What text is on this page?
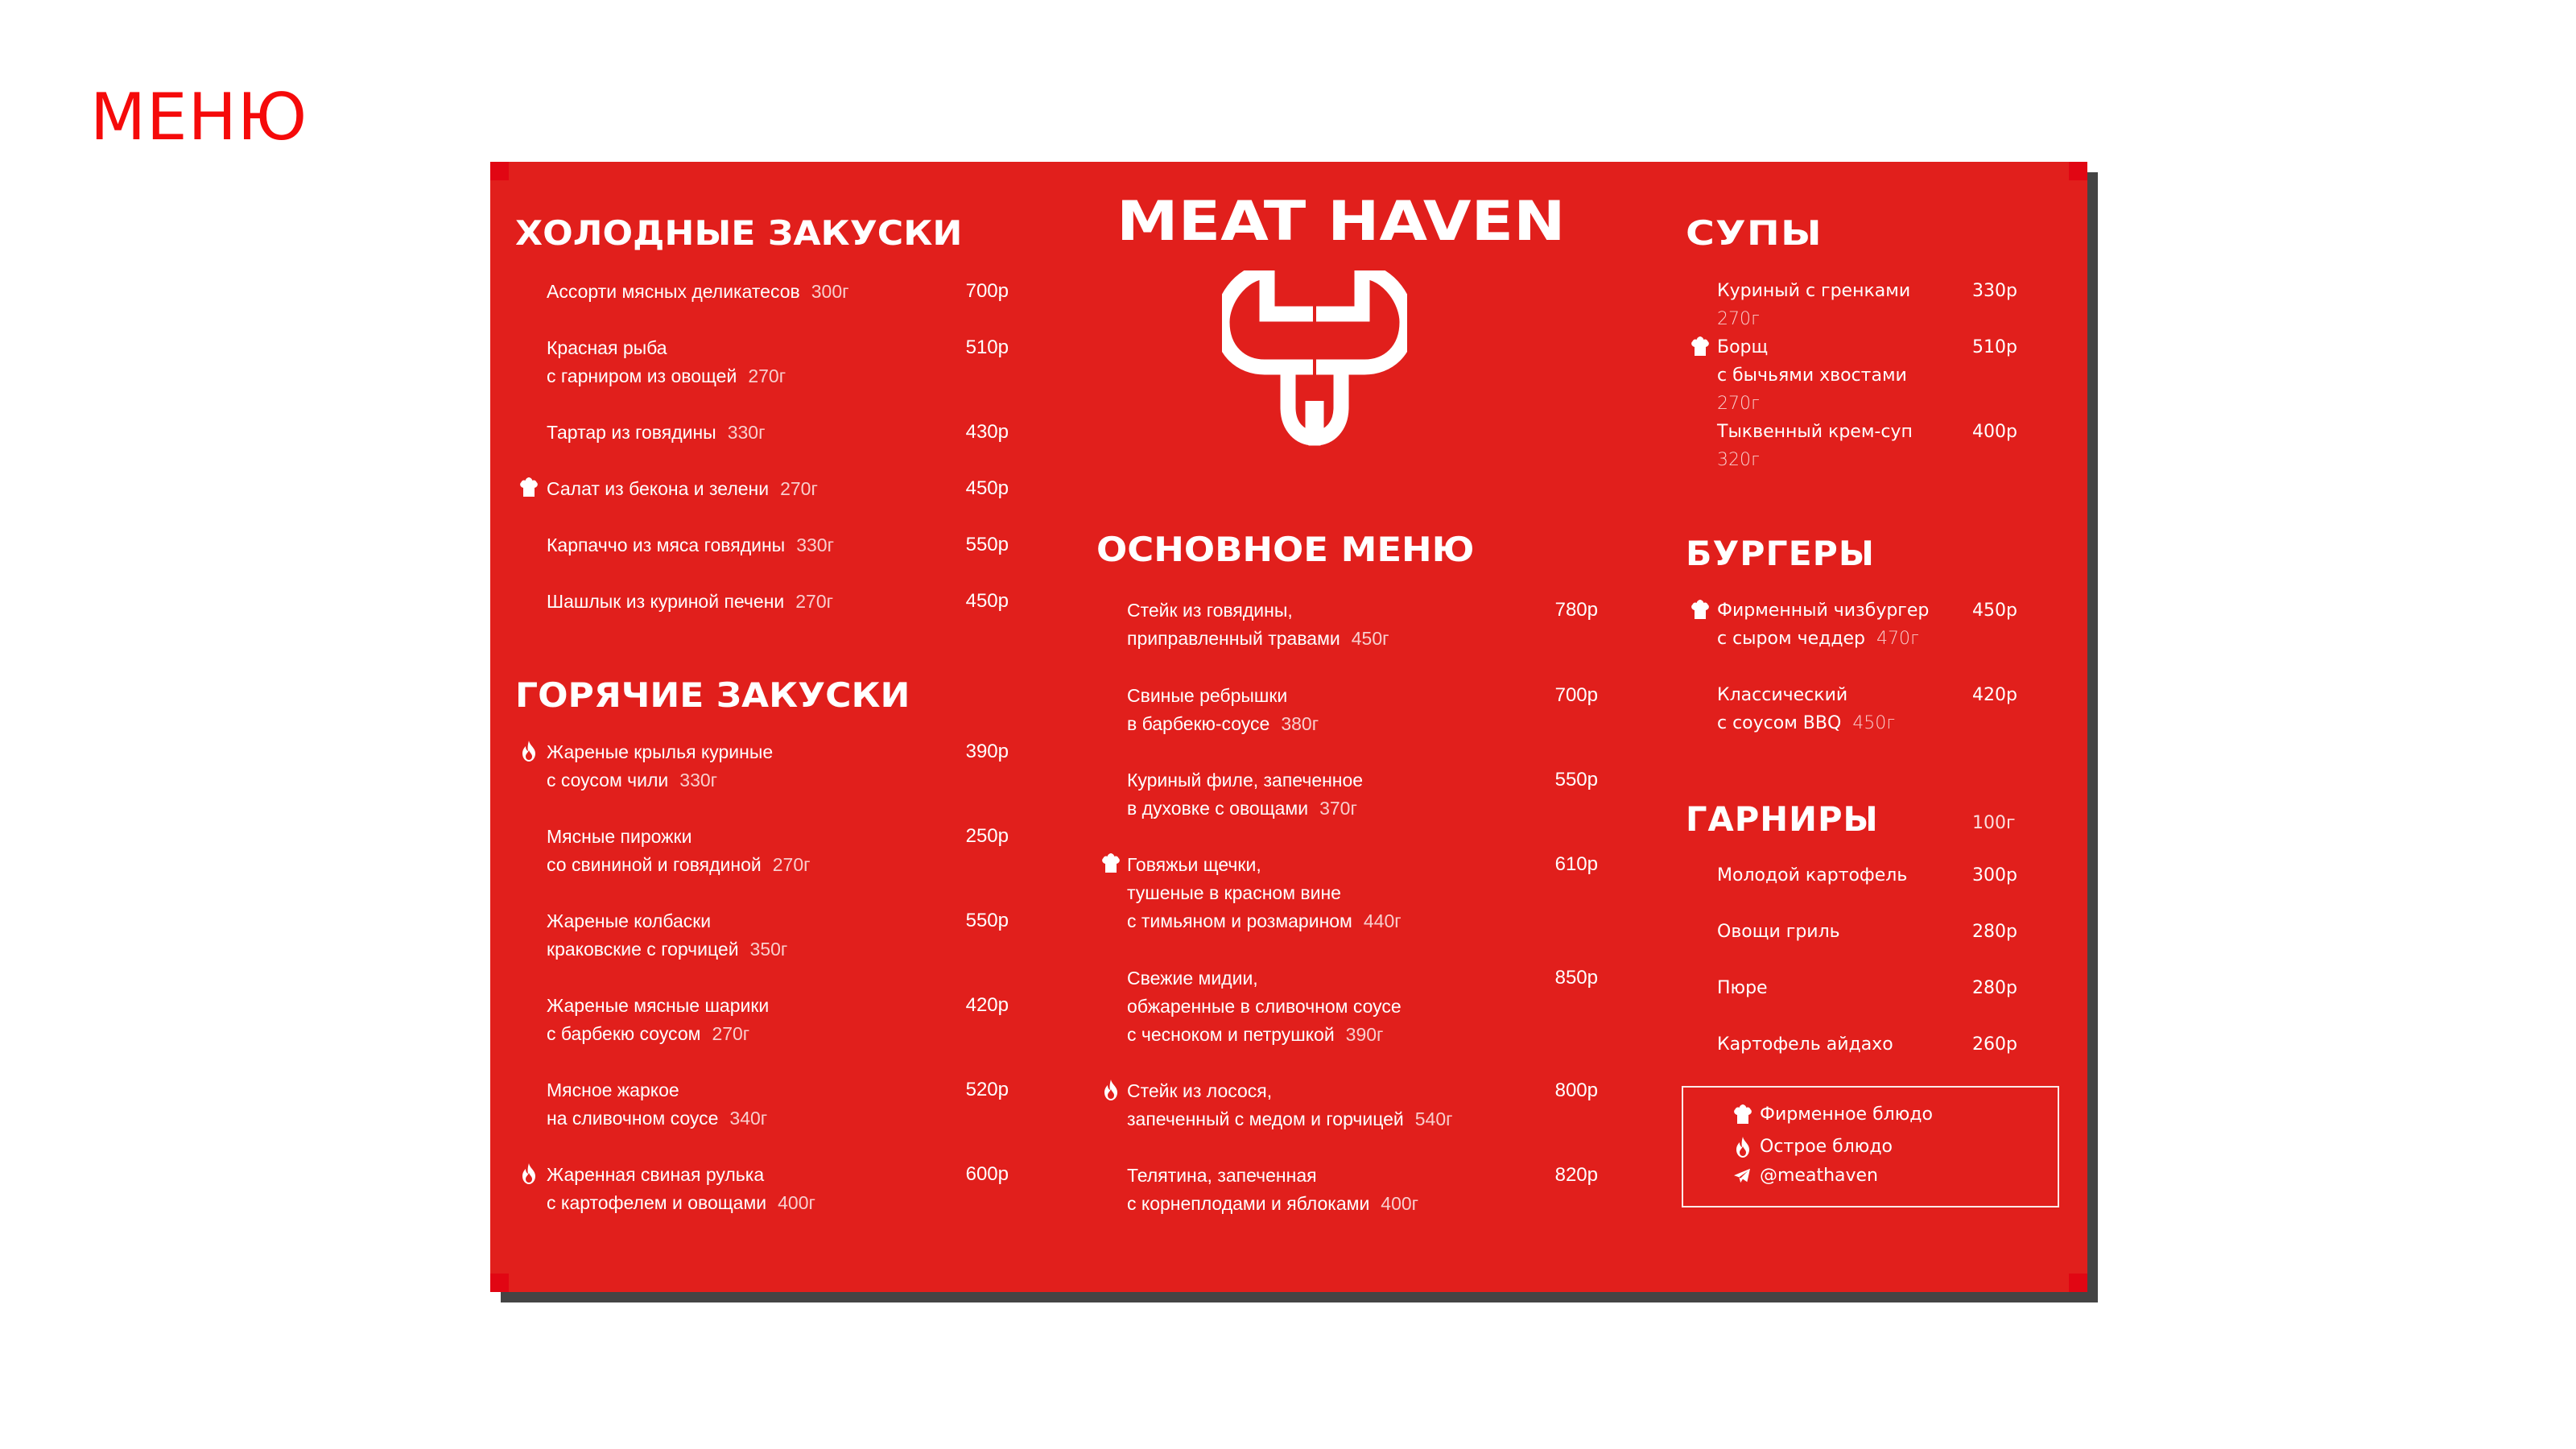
МЕНЮ
MEAT HAVEN
ХОЛОДНЫЕ ЗАКУСКИ
Ассорти мясных деликатесов 300г	700р
Красная рыба
с гарниром из овощей 270г
510р
Тартар из говядины 330г	430р
Салат из бекона и зелени 270г	450р
Карпаччо из мяса говядины 330г	550р
Шашлык из куриной печени 270г	450р
ГОРЯЧИЕ ЗАКУСКИ
Жареные крылья куриные
с соусом чили 330г
390р
Мясные пирожки
со свининой и говядиной 270г
250р
Жареные колбаски
краковские с горчицей 350г
550р
Жареные мясные шарики
с барбекю соусом 270г
420р
Мясное жаркое
на сливочном соусе 340г
520р
Жаренная свиная рулька
с картофелем и овощами 400г
600р
ОСНОВНОЕ МЕНЮ
Стейк из говядины,
приправленный травами 450г
780р
Свиные ребрышки
в барбекю-соусе 380г
700р
Куриный филе, запеченное
в духовке с овощами 370г
550р
Говяжьи щечки,
тушеные в красном вине
с тимьяном и розмарином 440г
610р
Свежие мидии,
обжаренные в сливочном соусе
с чесноком и петрушкой 390г
850р
Стейк из лосося,
запеченный с медом и горчицей 540г
800р
Телятина, запеченная
с корнеплодами и яблоками 400г
820р
СУПЫ
Куриный с гренками
270г
330р
Борщ
с бычьями хвостами
270г
510р
Тыквенный крем-суп
320г
400р
БУРГЕРЫ
Фирменный чизбургер
с сыром чеддер 470г
450р
Классический
с соусом BBQ 450г
420р
ГАРНИРЫ	100г
Молодой картофель	300р
Овощи гриль	280р
Пюре	280р
Картофель айдахо	260р
Фирменное блюдо
Острое блюдо
@meathaven
